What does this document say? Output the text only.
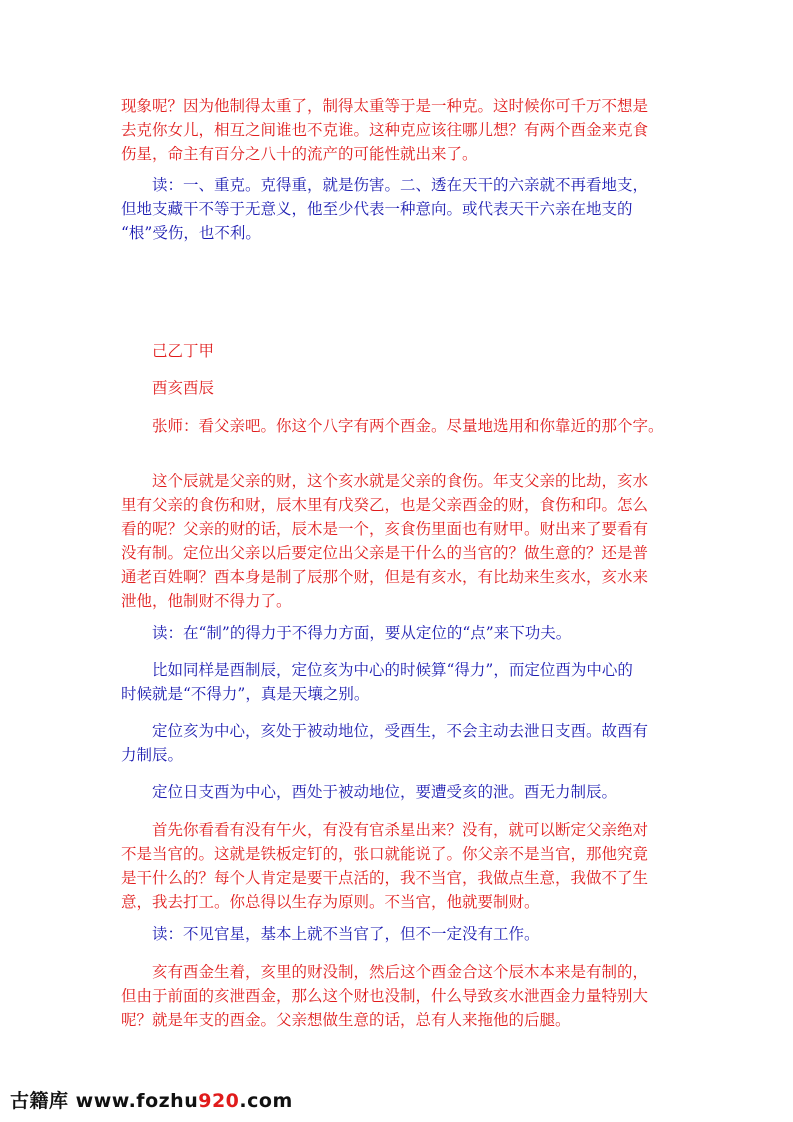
现象呢？因为他制得太重了，制得太重等于是一种克。这时候你可千万不想是
去克你女儿，相互之间谁也不克谁。这种克应该往哪儿想？有两个酉金来克食
伤星，命主有百分之八十的流产的可能性就出来了。

　　读：一、重克。克得重，就是伤害。二、透在天干的六亲就不再看地支，
但地支藏干不等于无意义，他至少代表一种意向。或代表天干六亲在地支的
“根”受伤，也不利。

　　己乙丁甲

　　酉亥酉辰

　　张师：看父亲吧。你这个八字有两个酉金。尽量地选用和你靠近的那个字。

　　这个辰就是父亲的财，这个亥水就是父亲的食伤。年支父亲的比劫，亥水
里有父亲的食伤和财，辰木里有戊癸乙，也是父亲酉金的财，食伤和印。怎么
看的呢？父亲的财的话，辰木是一个，亥食伤里面也有财甲。财出来了要看有
没有制。定位出父亲以后要定位出父亲是干什么的当官的？做生意的？还是普
通老百姓啊？酉本身是制了辰那个财，但是有亥水，有比劫来生亥水，亥水来
泄他，他制财不得力了。

　　读：在“制”的得力于不得力方面，要从定位的“点”来下功夫。

　　比如同样是酉制辰，定位亥为中心的时候算“得力”，而定位酉为中心的
时候就是“不得力”，真是天壤之别。

　　定位亥为中心，亥处于被动地位，受酉生，不会主动去泄日支酉。故酉有
力制辰。

　　定位日支酉为中心，酉处于被动地位，要遭受亥的泄。酉无力制辰。

　　首先你看看有没有午火，有没有官杀星出来？没有，就可以断定父亲绝对
不是当官的。这就是铁板定钉的，张口就能说了。你父亲不是当官，那他究竟
是干什么的？每个人肯定是要干点活的，我不当官，我做点生意，我做不了生
意，我去打工。你总得以生存为原则。不当官，他就要制财。

　　读：不见官星，基本上就不当官了，但不一定没有工作。

　　亥有酉金生着，亥里的财没制，然后这个酉金合这个辰木本来是有制的，
但由于前面的亥泄酉金，那么这个财也没制，什么导致亥水泄酉金力量特别大
呢？就是年支的酉金。父亲想做生意的话，总有人来拖他的后腿。

古籍库 www.fozhu920.com
